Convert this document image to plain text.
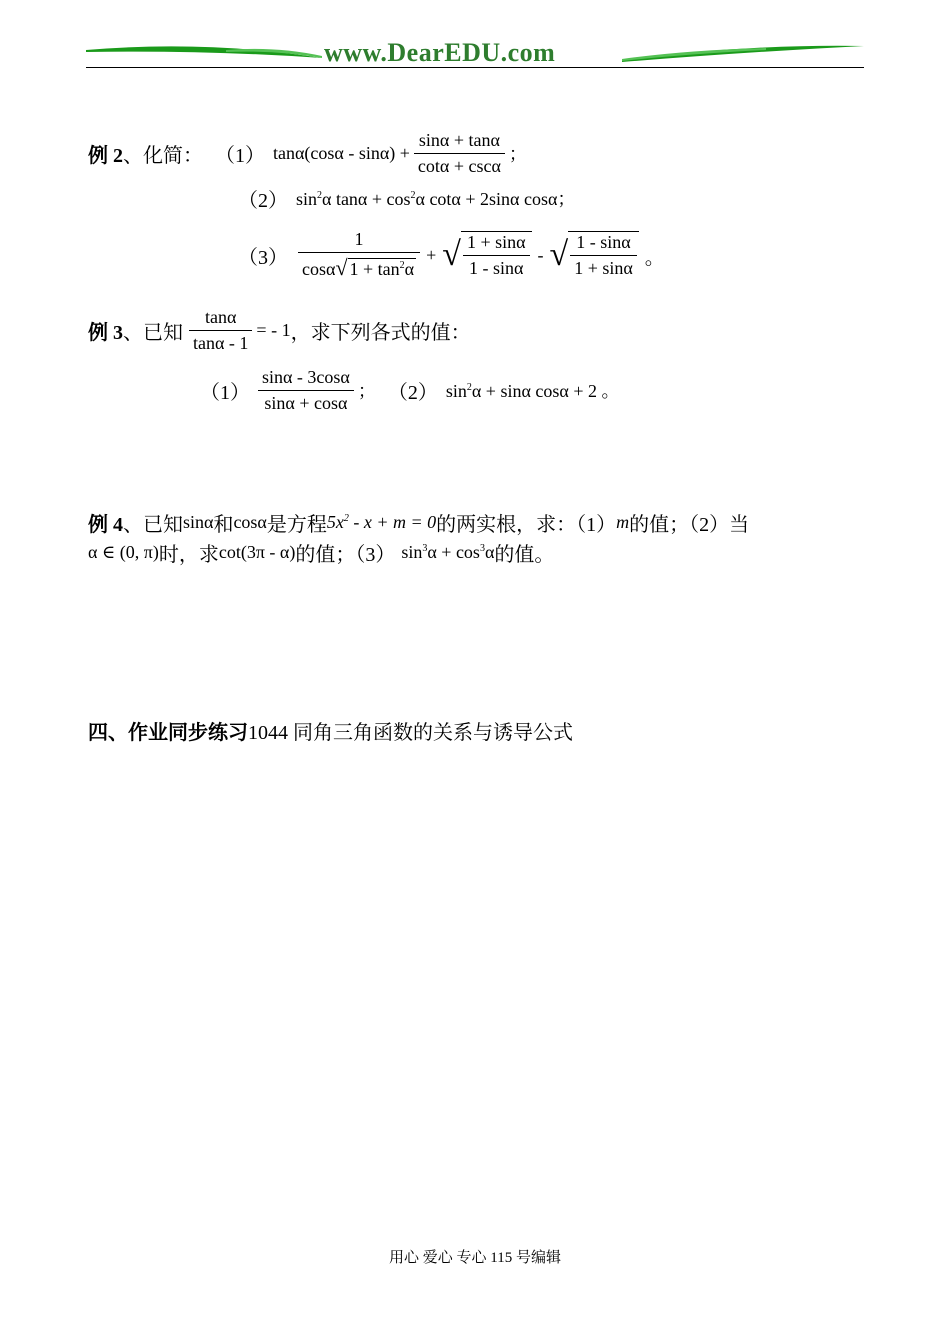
www.DearEDU.com
例 2 、化简： （1） $\tan\alpha(\cos\alpha - \sin\alpha) + \frac{\sin\alpha + \tan\alpha}{\cot\alpha + \csc\alpha}$ ；
（2） $\sin^2\alpha$ $\tan\alpha + \cos^2\alpha$ cotα + 2sinα cosα；
$(3) \frac{1}{\cos\alpha√ 1 + \tan^2\alpha}$ + √ $\frac{1 + \sin\alpha}{1 - \sin\alpha}$ - √ $\frac{1 - \sin\alpha}{1 + \sin\alpha}$ 。
例 3 、已知 $\frac{\tan\alpha}{\tan\alpha - 1}$ = - 1 ，求下列各式的值：
$(1) \frac{\sin\alpha - 3\cos\alpha}{\sin\alpha + \cos\alpha}$ ； （2） $\sin^2\alpha + \sin\alpha$ cosα + 2 。
例 4 、已知 sinα 和 cosα 是方程 $5x^2 - x + m = 0$ 的两实根，求：（1） m 的值；（2）当
α ∈ (0, π) 时，求 cot(3π - α) 的值；（3） $\sin^3\alpha + \cos^3\alpha$ 的值。
四、作业同步练习1044 同角三角函数的关系与诱导公式
用心 爱心 专心 115 号编辑
